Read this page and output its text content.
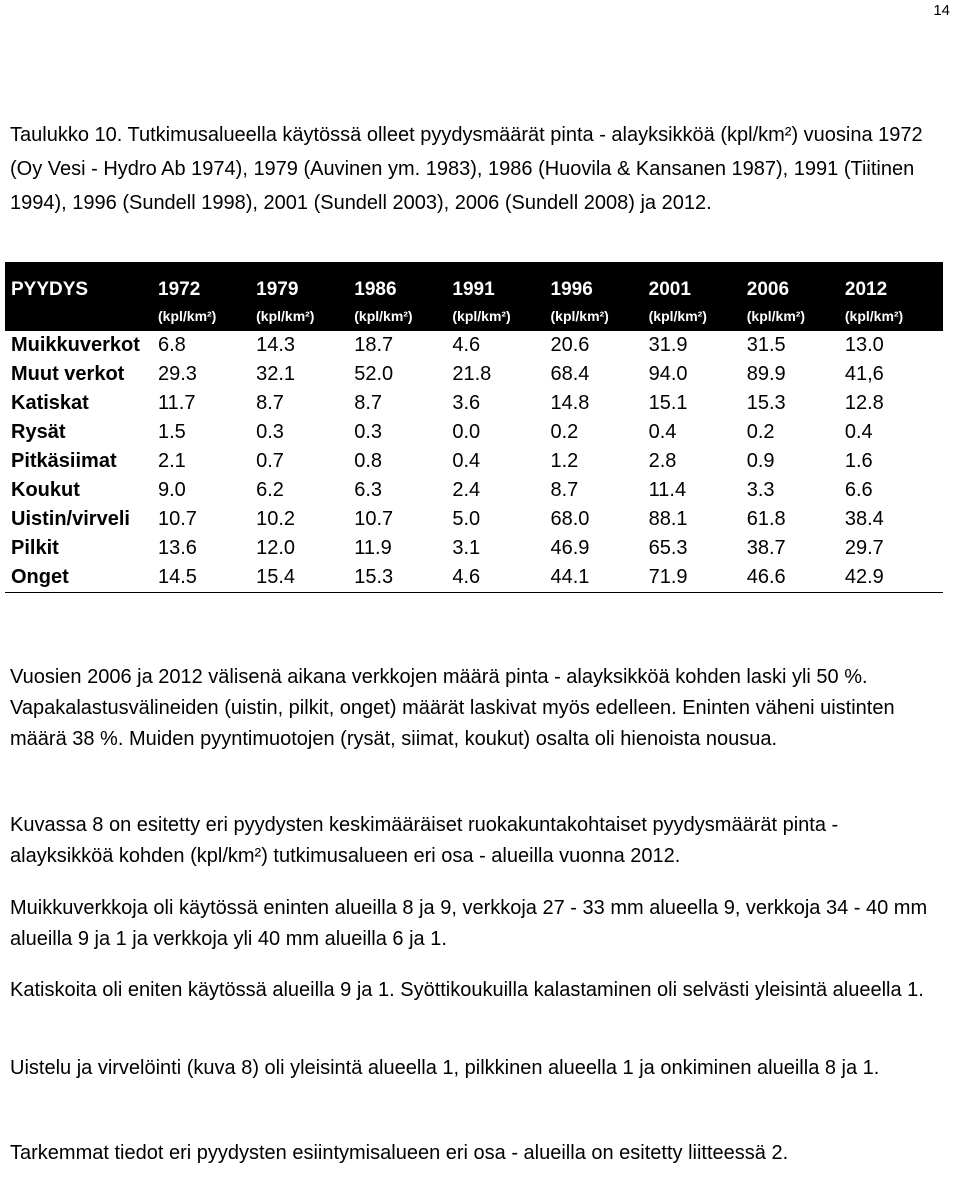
14

Taulukko 10. Tutkimusalueella käytössä olleet pyydysmäärät pinta - alayksikköä (kpl/km²) vuosina 1972 (Oy Vesi - Hydro Ab 1974), 1979 (Auvinen ym. 1983), 1986 (Huovila & Kansanen 1987), 1991 (Tiitinen 1994), 1996 (Sundell 1998), 2001 (Sundell 2003), 2006 (Sundell 2008) ja 2012.

PYYDYS	1972	1979	1986	1991	1996	2001	2006	2012
	(kpl/km²)	(kpl/km²)	(kpl/km²)	(kpl/km²)	(kpl/km²)	(kpl/km²)	(kpl/km²)	(kpl/km²)
Muikkuverkot	6.8	14.3	18.7	4.6	20.6	31.9	31.5	13.0
Muut verkot	29.3	32.1	52.0	21.8	68.4	94.0	89.9	41,6
Katiskat	11.7	8.7	8.7	3.6	14.8	15.1	15.3	12.8
Rysät	1.5	0.3	0.3	0.0	0.2	0.4	0.2	0.4
Pitkäsiimat	2.1	0.7	0.8	0.4	1.2	2.8	0.9	1.6
Koukut	9.0	6.2	6.3	2.4	8.7	11.4	3.3	6.6
Uistin/virveli	10.7	10.2	10.7	5.0	68.0	88.1	61.8	38.4
Pilkit	13.6	12.0	11.9	3.1	46.9	65.3	38.7	29.7
Onget	14.5	15.4	15.3	4.6	44.1	71.9	46.6	42.9

Vuosien 2006 ja 2012 välisenä aikana verkkojen määrä pinta - alayksikköä kohden laski yli 50 %. Vapakalastusvälineiden (uistin, pilkit, onget) määrät laskivat myös edelleen. Eninten väheni uistinten määrä 38 %. Muiden pyyntimuotojen (rysät, siimat, koukut) osalta oli hienoista nousua.

Kuvassa 8 on esitetty eri pyydysten keskimääräiset ruokakuntakohtaiset pyydysmäärät pinta - alayksikköä kohden (kpl/km²) tutkimusalueen eri osa - alueilla vuonna 2012.

Muikkuverkkoja oli käytössä eninten alueilla 8 ja 9, verkkoja 27 - 33 mm alueella 9, verkkoja 34 - 40 mm alueilla 9 ja 1 ja verkkoja yli 40 mm alueilla 6 ja 1.

Katiskoita oli eniten käytössä alueilla 9 ja 1. Syöttikoukuilla kalastaminen oli selvästi yleisintä alueella 1.

Uistelu ja virvelöinti (kuva 8) oli yleisintä alueella 1, pilkkinen alueella 1 ja onkiminen alueilla 8 ja 1.

Tarkemmat tiedot eri pyydysten esiintymisalueen eri osa - alueilla on esitetty liitteessä 2.
